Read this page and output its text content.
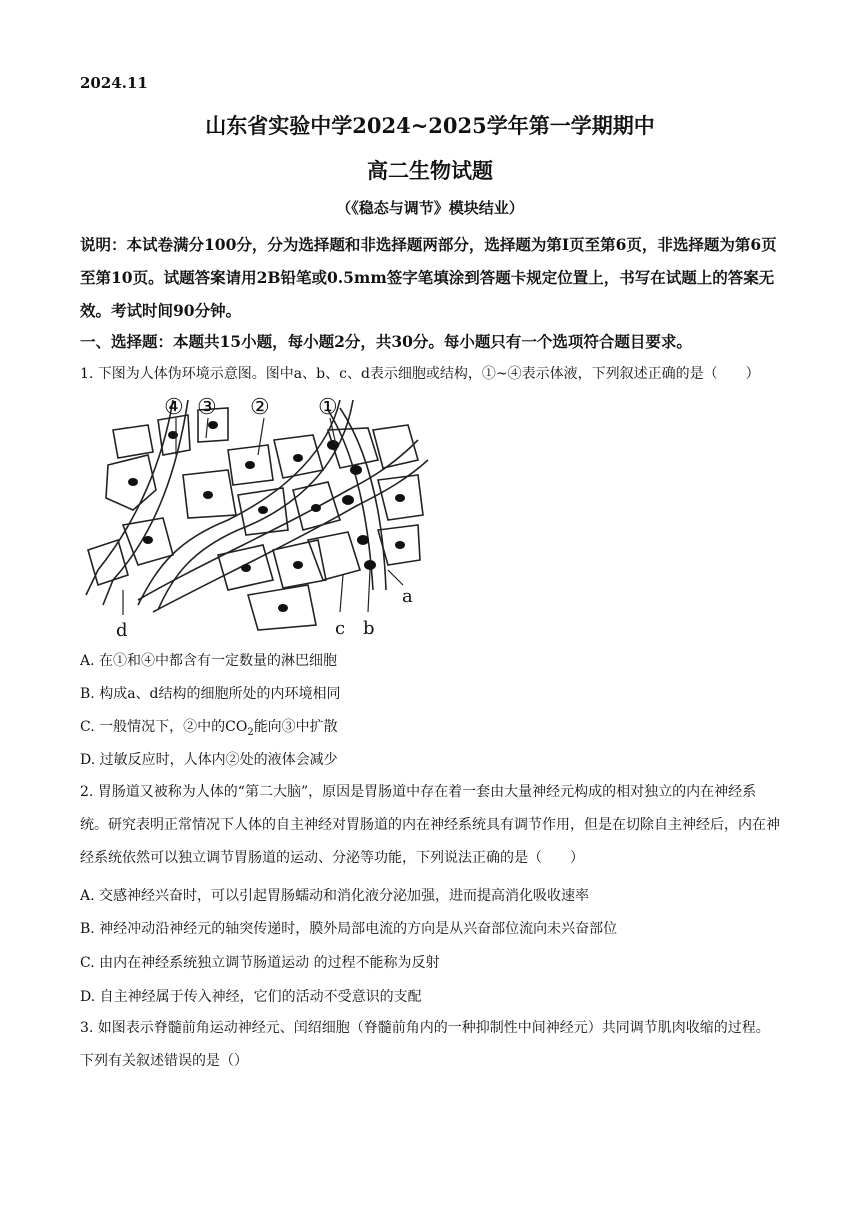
2024.11
山东省实验中学2024~2025学年第一学期期中
高二生物试题
（《稳态与调节》模块结业）
说明：本试卷满分100分，分为选择题和非选择题两部分，选择题为第Ⅰ页至第6页，非选择题为第6页至第10页。试题答案请用2B铅笔或0.5mm签字笔填涂到答题卡规定位置上，书写在试题上的答案无效。考试时间90分钟。
一、选择题：本题共15小题，每小题2分，共30分。每小题只有一个选项符合题目要求。
1. 下图为人体伪环境示意图。图中a、b、c、d表示细胞或结构，①~④表示体液，下列叙述正确的是（　　）
④ ③ ② ①
a
b
c
d
A. 在①和④中都含有一定数量的淋巴细胞
B. 构成a、d结构的细胞所处的内环境相同
C. 一般情况下，②中的$CO_2$能向③中扩散
D. 过敏反应时，人体内②处的液体会减少
2. 胃肠道又被称为人体的“第二大脑”，原因是胃肠道中存在着一套由大量神经元构成的相对独立的内在神经系统。研究表明正常情况下人体的自主神经对胃肠道的内在神经系统具有调节作用，但是在切除自主神经后，内在神经系统依然可以独立调节胃肠道的运动、分泌等功能，下列说法正确的是（　　）
A. 交感神经兴奋时，可以引起胃肠蠕动和消化液分泌加强，进而提高消化吸收速率
B. 神经冲动沿神经元的轴突传递时，膜外局部电流的方向是从兴奋部位流向未兴奋部位
C. 由内在神经系统独立调节肠道运动 的过程不能称为反射
D. 自主神经属于传入神经，它们的活动不受意识的支配
3. 如图表示脊髓前角运动神经元、闰绍细胞（脊髓前角内的一种抑制性中间神经元）共同调节肌肉收缩的过程。下列有关叙述错误的是（）
